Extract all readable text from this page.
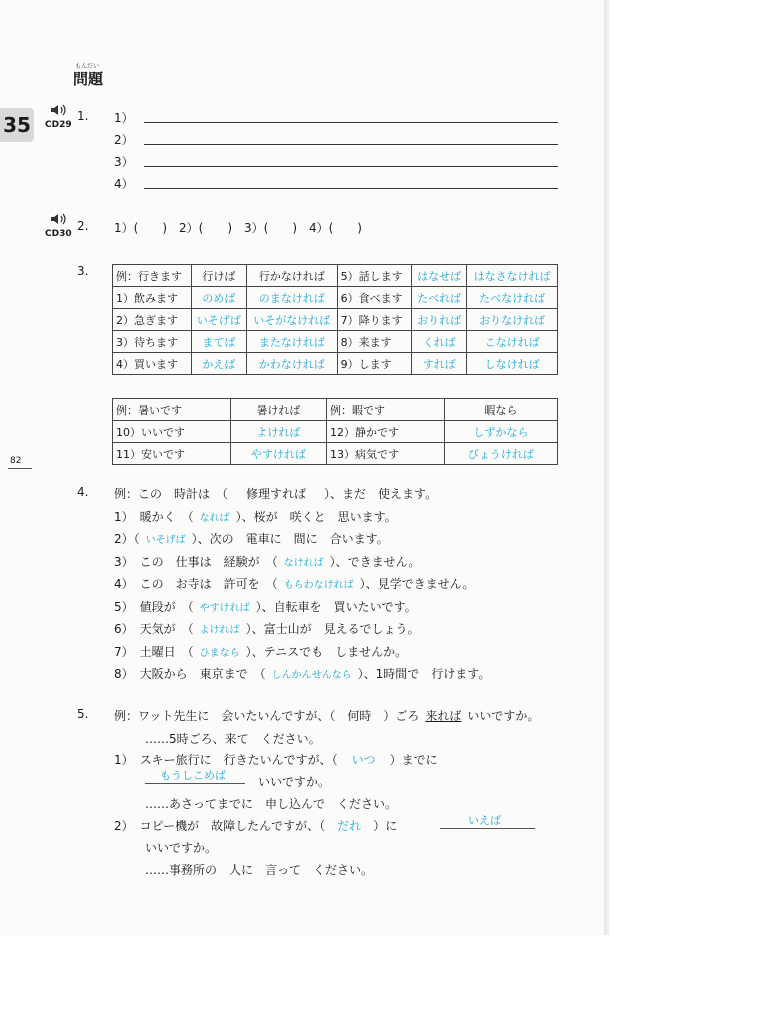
もんだい
問題
35
82
CD29
1. 1）
2）
3）
4）
CD30
2. 1）(　　)　2）(　　)　3）(　　)　4）(　　)
3.	例：行きます	行けば	行かなければ	5）話します	はなせば	はなさなければ
1）飲みます	のめば	のまなければ	6）食べます	たべれば	たべなければ
2）急ぎます	いそげば	いそがなければ	7）降ります	おりれば	おりなければ
3）待ちます	まてば	またなければ	8）来ます	くれば	こなければ
4）買います	かえば	かわなければ	9）します	すれば	しなければ
例：暑いです	暑ければ	例：暇です	暇なら
10）いいです	よければ	12）静かです	しずかなら
11）安いです	やすければ	13）病気です	びょうければ
4. 例：この　時計は　（　修理すれば　）、まだ　使えます。
1）　暖かく　（ なれば ）、桜が　咲くと　思います。
2）（ いそげば ）、次の　電車に　間に　合います。
3）　この　仕事は　経験が　（ なければ ）、できません。
4）　この　お寺は　許可を　（ もらわなければ ）、見学できません。
5）　値段が　（ やすければ ）、自転車を　買いたいです。
6）　天気が　（ よければ ）、富士山が　見えるでしょう。
7）　土曜日　（ ひまなら ）、テニスでも　しませんか。
8）　大阪から　東京まで　（ しんかんせんなら ）、1時間で　行けます。
5. 例：ワット先生に　会いたいんですが、（　何時　）ごろ 来れば いいですか。
……5時ごろ、来て　ください。
1）　スキー旅行に　行きたいんですが、（ いつ ）までに
もうしこめば	いいですか。
……あさってまでに　申し込んで　ください。
2）　コピー機が　故障したんですが、（ だれ ）に	いえば
いいですか。
……事務所の　人に　言って　ください。
